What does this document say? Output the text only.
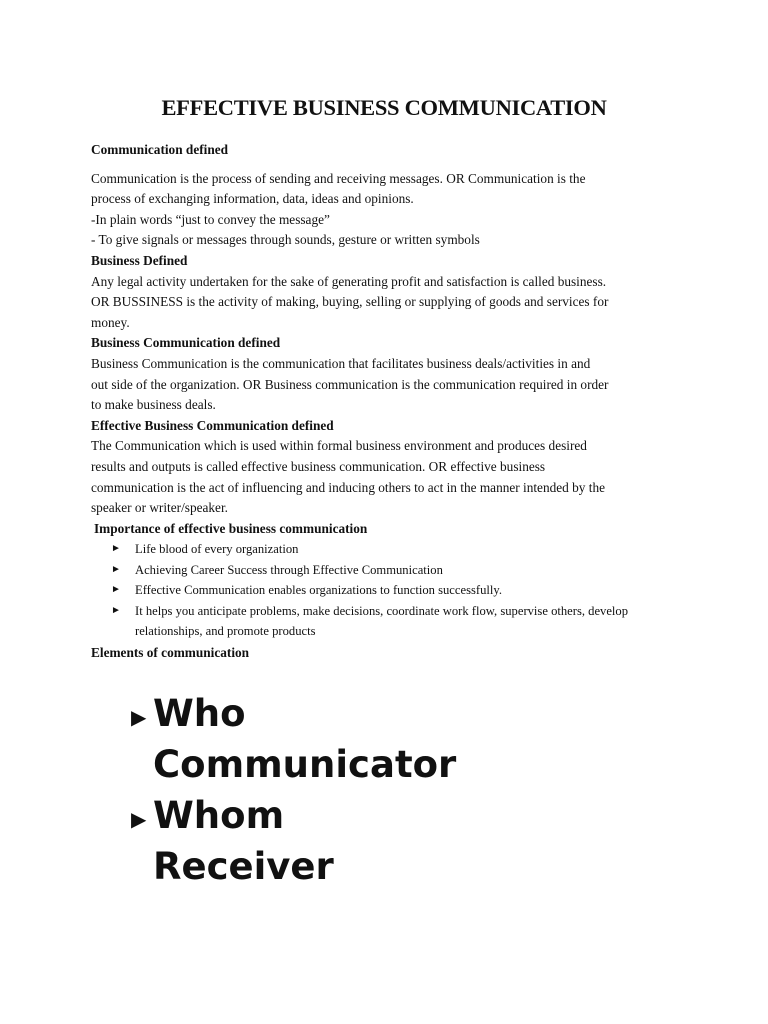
EFFECTIVE BUSINESS COMMUNICATION

Communication defined

Communication is the process of sending and receiving messages. OR Communication is the

process of exchanging information, data, ideas and opinions.

-In plain words “just to convey the message”

- To give signals or messages through sounds, gesture or written symbols

Business Defined

Any legal activity undertaken for the sake of generating profit and satisfaction is called business.

OR BUSSINESS is the activity of making, buying, selling or supplying of goods and services for

money.

Business Communication defined

Business Communication is the communication that facilitates business deals/activities in and

out side of the organization. OR Business communication is the communication required in order

to make business deals.

Effective Business Communication defined

The Communication which is used within formal business environment and produces desired

results and outputs is called effective business communication. OR effective business

communication is the act of influencing and inducing others to act in the manner intended by the

speaker or writer/speaker.

Importance of effective business communication

► Life blood of every organization
► Achieving Career Success through Effective Communication
► Effective Communication enables organizations to function successfully.
► It helps you anticipate problems, make decisions, coordinate work flow, supervise others, develop relationships, and promote products

Elements of communication

▶ Who
Communicator
▶ Whom
Receiver
